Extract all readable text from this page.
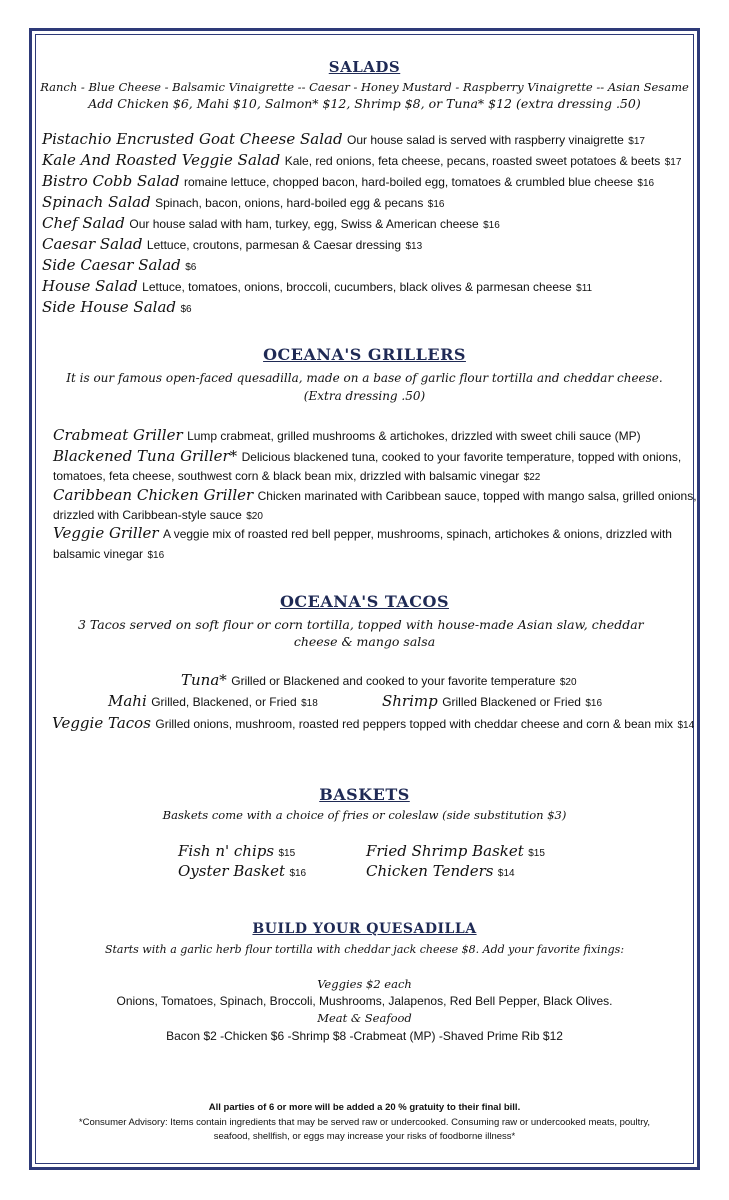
SALADS
Ranch - Blue Cheese - Balsamic Vinaigrette -- Caesar - Honey Mustard - Raspberry Vinaigrette -- Asian Sesame
Add Chicken $6, Mahi $10, Salmon* $12, Shrimp $8, or Tuna* $12 (extra dressing .50)
Pistachio Encrusted Goat Cheese Salad Our house salad is served with raspberry vinaigrette $17
Kale And Roasted Veggie Salad Kale, red onions, feta cheese, pecans, roasted sweet potatoes & beets $17
Bistro Cobb Salad romaine lettuce, chopped bacon, hard-boiled egg, tomatoes & crumbled blue cheese $16
Spinach Salad Spinach, bacon, onions, hard-boiled egg & pecans $16
Chef Salad Our house salad with ham, turkey, egg, Swiss & American cheese $16
Caesar Salad Lettuce, croutons, parmesan & Caesar dressing $13
Side Caesar Salad $6
House Salad Lettuce, tomatoes, onions, broccoli, cucumbers, black olives & parmesan cheese $11
Side House Salad $6
OCEANA'S GRILLERS
It is our famous open-faced quesadilla, made on a base of garlic flour tortilla and cheddar cheese.
(Extra dressing .50)
Crabmeat Griller Lump crabmeat, grilled mushrooms & artichokes, drizzled with sweet chili sauce (MP)
Blackened Tuna Griller* Delicious blackened tuna, cooked to your favorite temperature, topped with onions,
tomatoes, feta cheese, southwest corn & black bean mix, drizzled with balsamic vinegar $22
Caribbean Chicken Griller Chicken marinated with Caribbean sauce, topped with mango salsa, grilled onions,
drizzled with Caribbean-style sauce $20
Veggie Griller A veggie mix of roasted red bell pepper, mushrooms, spinach, artichokes & onions, drizzled with
balsamic vinegar $16
OCEANA'S TACOS
3 Tacos served on soft flour or corn tortilla, topped with house-made Asian slaw, cheddar
cheese & mango salsa
Tuna* Grilled or Blackened and cooked to your favorite temperature $20
Mahi Grilled, Blackened, or Fried $18	Shrimp Grilled Blackened or Fried $16
Veggie Tacos Grilled onions, mushroom, roasted red peppers topped with cheddar cheese and corn & bean mix $14
BASKETS
Baskets come with a choice of fries or coleslaw (side substitution $3)
Fish n' chips $15	Fried Shrimp Basket $15
Oyster Basket $16	Chicken Tenders $14
BUILD YOUR QUESADILLA
Starts with a garlic herb flour tortilla with cheddar jack cheese $8. Add your favorite fixings:
Veggies $2 each
Onions, Tomatoes, Spinach, Broccoli, Mushrooms, Jalapenos, Red Bell Pepper, Black Olives.
Meat & Seafood
Bacon $2 -Chicken $6 -Shrimp $8 -Crabmeat (MP) -Shaved Prime Rib $12
All parties of 6 or more will be added a 20 % gratuity to their final bill.
*Consumer Advisory: Items contain ingredients that may be served raw or undercooked. Consuming raw or undercooked meats, poultry,
seafood, shellfish, or eggs may increase your risks of foodborne illness*
